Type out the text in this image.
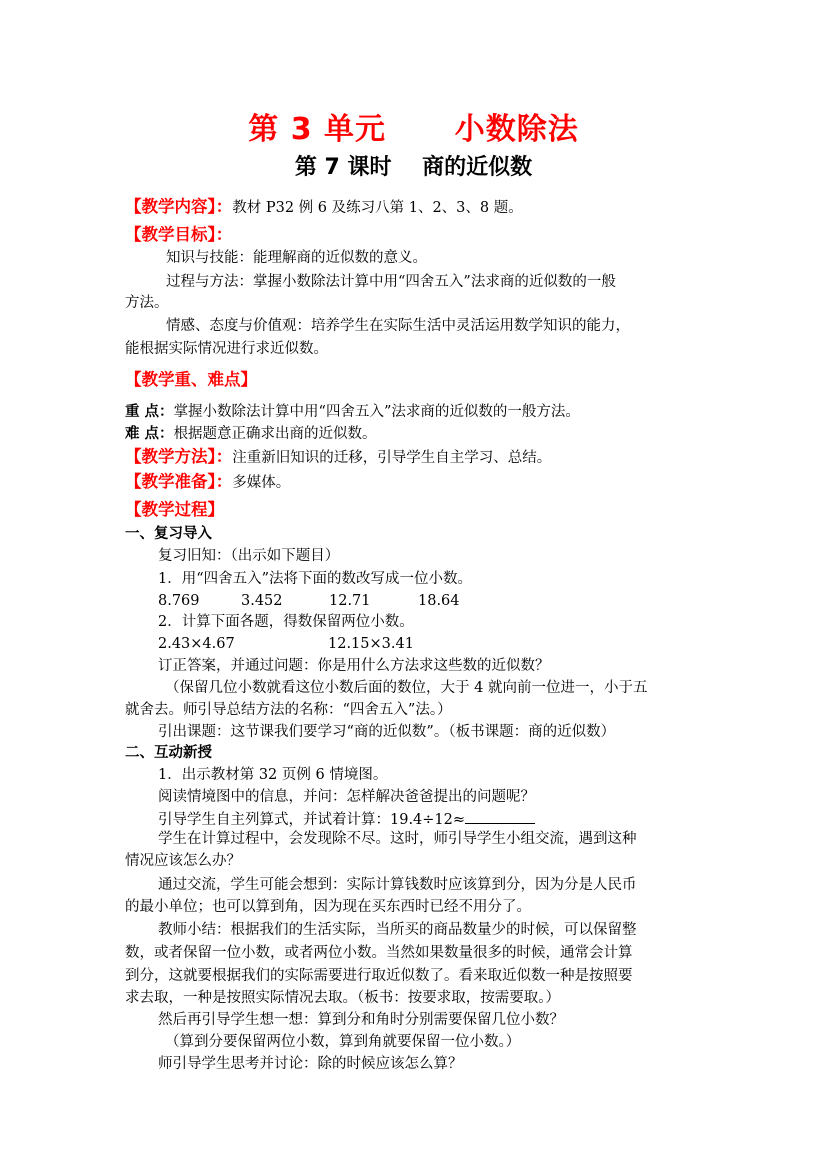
第 3 单元      小数除法
第 7 课时    商的近似数
【教学内容】：教材 P32 例 6 及练习八第 1、2、3、8 题。
【教学目标】：
知识与技能：能理解商的近似数的意义。
过程与方法：掌握小数除法计算中用“四舍五入”法求商的近似数的一般
方法。
情感、态度与价值观：培养学生在实际生活中灵活运用数学知识的能力，
能根据实际情况进行求近似数。
【教学重、难点】
重 点：掌握小数除法计算中用“四舍五入”法求商的近似数的一般方法。
难 点：根据题意正确求出商的近似数。
【教学方法】：注重新旧知识的迁移，引导学生自主学习、总结。
【教学准备】：多媒体。
【教学过程】
一、复习导入
复习旧知：（出示如下题目）
1．用“四舍五入”法将下面的数改写成一位小数。
8.769	3.452	12.71	18.64
2．计算下面各题，得数保留两位小数。
2.43×4.67	12.15×3.41
订正答案，并通过问题：你是用什么方法求这些数的近似数？
（保留几位小数就看这位小数后面的数位，大于 4 就向前一位进一，小于五
就舍去。师引导总结方法的名称：“四舍五入”法。）
引出课题：这节课我们要学习“商的近似数”。（板书课题：商的近似数）
二、互动新授
1．出示教材第 32 页例 6 情境图。
阅读情境图中的信息，并问：怎样解决爸爸提出的问题呢？
引导学生自主列算式，并试着计算：19.4÷12≈
学生在计算过程中，会发现除不尽。这时，师引导学生小组交流，遇到这种
情况应该怎么办？
通过交流，学生可能会想到：实际计算钱数时应该算到分，因为分是人民币
的最小单位；也可以算到角，因为现在买东西时已经不用分了。
教师小结：根据我们的生活实际，当所买的商品数量少的时候，可以保留整
数，或者保留一位小数，或者两位小数。当然如果数量很多的时候，通常会计算
到分，这就要根据我们的实际需要进行取近似数了。看来取近似数一种是按照要
求去取，一种是按照实际情况去取。（板书：按要求取，按需要取。）
然后再引导学生想一想：算到分和角时分别需要保留几位小数？
（算到分要保留两位小数，算到角就要保留一位小数。）
师引导学生思考并讨论：除的时候应该怎么算？
